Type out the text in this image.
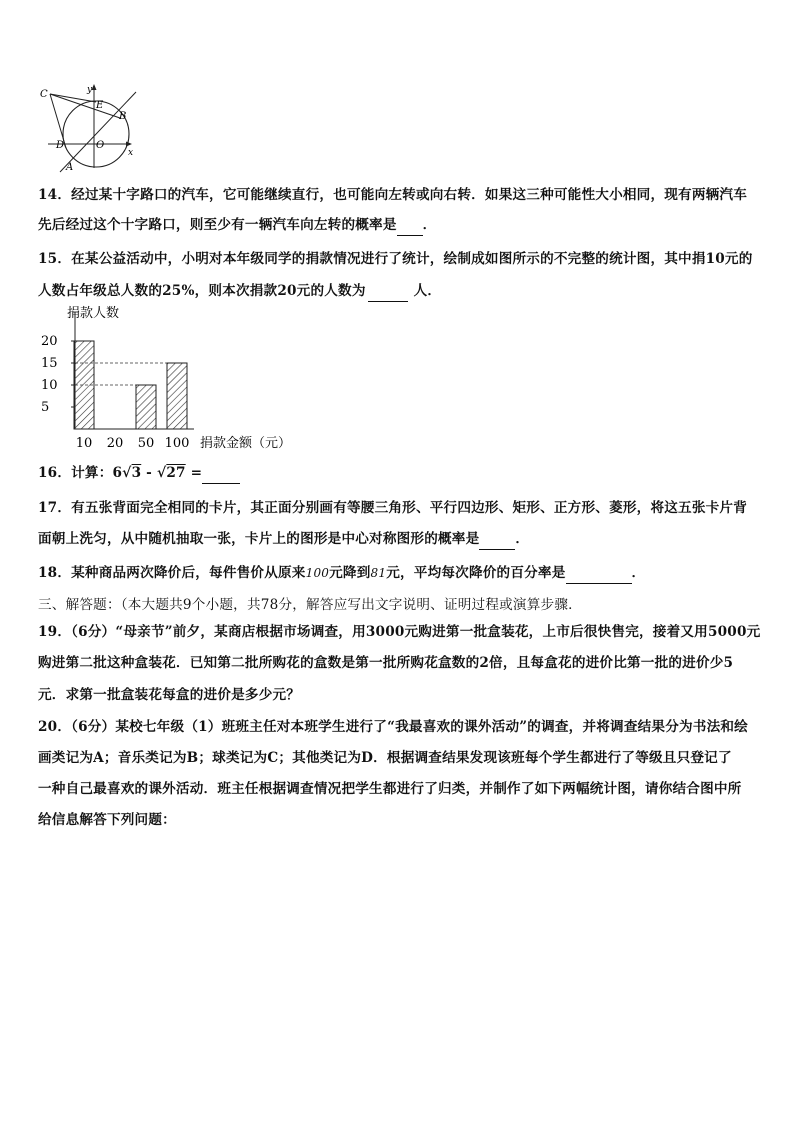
y
x
C
E
B
D	O
A
14．经过某十字路口的汽车，它可能继续直行，也可能向左转或向右转．如果这三种可能性大小相同，现有两辆汽车
先后经过这个十字路口，则至少有一辆汽车向左转的概率是 ．
15．在某公益活动中，小明对本年级同学的捐款情况进行了统计，绘制成如图所示的不完整的统计图，其中捐10元的
人数占年级总人数的25%，则本次捐款20元的人数为	人．
捐款人数
5
10
15
20
10 20 50 100 捐款金额（元）
16．计算：6√3 - √27 =
17．有五张背面完全相同的卡片，其正面分别画有等腰三角形、平行四边形、矩形、正方形、菱形，将这五张卡片背
面朝上洗匀，从中随机抽取一张，卡片上的图形是中心对称图形的概率是	．
18．某种商品两次降价后，每件售价从原来100元降到81元，平均每次降价的百分率是	．
三、解答题：（本大题共9个小题，共78分，解答应写出文字说明、证明过程或演算步骤．
19．（6分）“母亲节”前夕，某商店根据市场调查，用3000元购进第一批盒装花，上市后很快售完，接着又用5000元
购进第二批这种盒装花．已知第二批所购花的盒数是第一批所购花盒数的2倍，且每盒花的进价比第一批的进价少5
元．求第一批盒装花每盒的进价是多少元？
20．（6分）某校七年级（1）班班主任对本班学生进行了“我最喜欢的课外活动”的调查，并将调查结果分为书法和绘
画类记为A；音乐类记为B；球类记为C；其他类记为D．根据调查结果发现该班每个学生都进行了等级且只登记了
一种自己最喜欢的课外活动．班主任根据调查情况把学生都进行了归类，并制作了如下两幅统计图，请你结合图中所
给信息解答下列问题：
